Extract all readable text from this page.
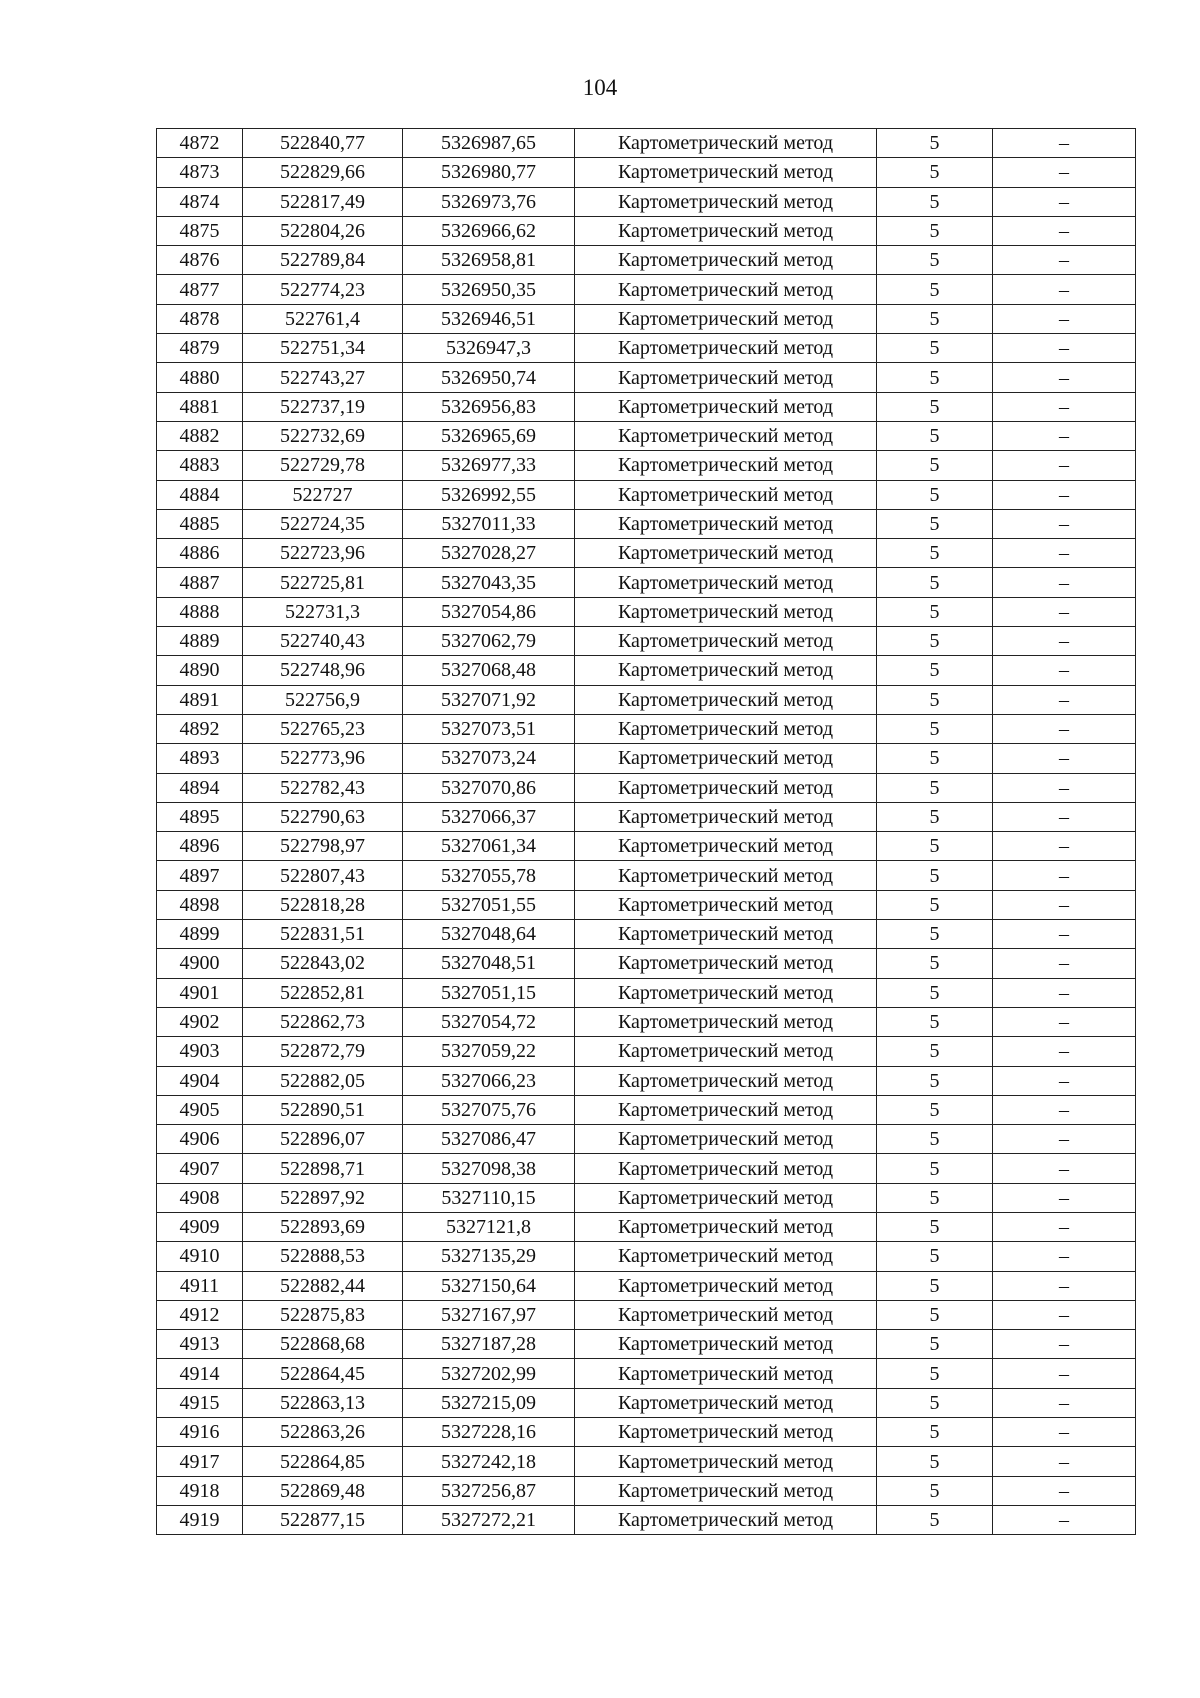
104
4872	522840,77	5326987,65	Картометрический метод	5	–
4873	522829,66	5326980,77	Картометрический метод	5	–
4874	522817,49	5326973,76	Картометрический метод	5	–
4875	522804,26	5326966,62	Картометрический метод	5	–
4876	522789,84	5326958,81	Картометрический метод	5	–
4877	522774,23	5326950,35	Картометрический метод	5	–
4878	522761,4	5326946,51	Картометрический метод	5	–
4879	522751,34	5326947,3	Картометрический метод	5	–
4880	522743,27	5326950,74	Картометрический метод	5	–
4881	522737,19	5326956,83	Картометрический метод	5	–
4882	522732,69	5326965,69	Картометрический метод	5	–
4883	522729,78	5326977,33	Картометрический метод	5	–
4884	522727	5326992,55	Картометрический метод	5	–
4885	522724,35	5327011,33	Картометрический метод	5	–
4886	522723,96	5327028,27	Картометрический метод	5	–
4887	522725,81	5327043,35	Картометрический метод	5	–
4888	522731,3	5327054,86	Картометрический метод	5	–
4889	522740,43	5327062,79	Картометрический метод	5	–
4890	522748,96	5327068,48	Картометрический метод	5	–
4891	522756,9	5327071,92	Картометрический метод	5	–
4892	522765,23	5327073,51	Картометрический метод	5	–
4893	522773,96	5327073,24	Картометрический метод	5	–
4894	522782,43	5327070,86	Картометрический метод	5	–
4895	522790,63	5327066,37	Картометрический метод	5	–
4896	522798,97	5327061,34	Картометрический метод	5	–
4897	522807,43	5327055,78	Картометрический метод	5	–
4898	522818,28	5327051,55	Картометрический метод	5	–
4899	522831,51	5327048,64	Картометрический метод	5	–
4900	522843,02	5327048,51	Картометрический метод	5	–
4901	522852,81	5327051,15	Картометрический метод	5	–
4902	522862,73	5327054,72	Картометрический метод	5	–
4903	522872,79	5327059,22	Картометрический метод	5	–
4904	522882,05	5327066,23	Картометрический метод	5	–
4905	522890,51	5327075,76	Картометрический метод	5	–
4906	522896,07	5327086,47	Картометрический метод	5	–
4907	522898,71	5327098,38	Картометрический метод	5	–
4908	522897,92	5327110,15	Картометрический метод	5	–
4909	522893,69	5327121,8	Картометрический метод	5	–
4910	522888,53	5327135,29	Картометрический метод	5	–
4911	522882,44	5327150,64	Картометрический метод	5	–
4912	522875,83	5327167,97	Картометрический метод	5	–
4913	522868,68	5327187,28	Картометрический метод	5	–
4914	522864,45	5327202,99	Картометрический метод	5	–
4915	522863,13	5327215,09	Картометрический метод	5	–
4916	522863,26	5327228,16	Картометрический метод	5	–
4917	522864,85	5327242,18	Картометрический метод	5	–
4918	522869,48	5327256,87	Картометрический метод	5	–
4919	522877,15	5327272,21	Картометрический метод	5	–
